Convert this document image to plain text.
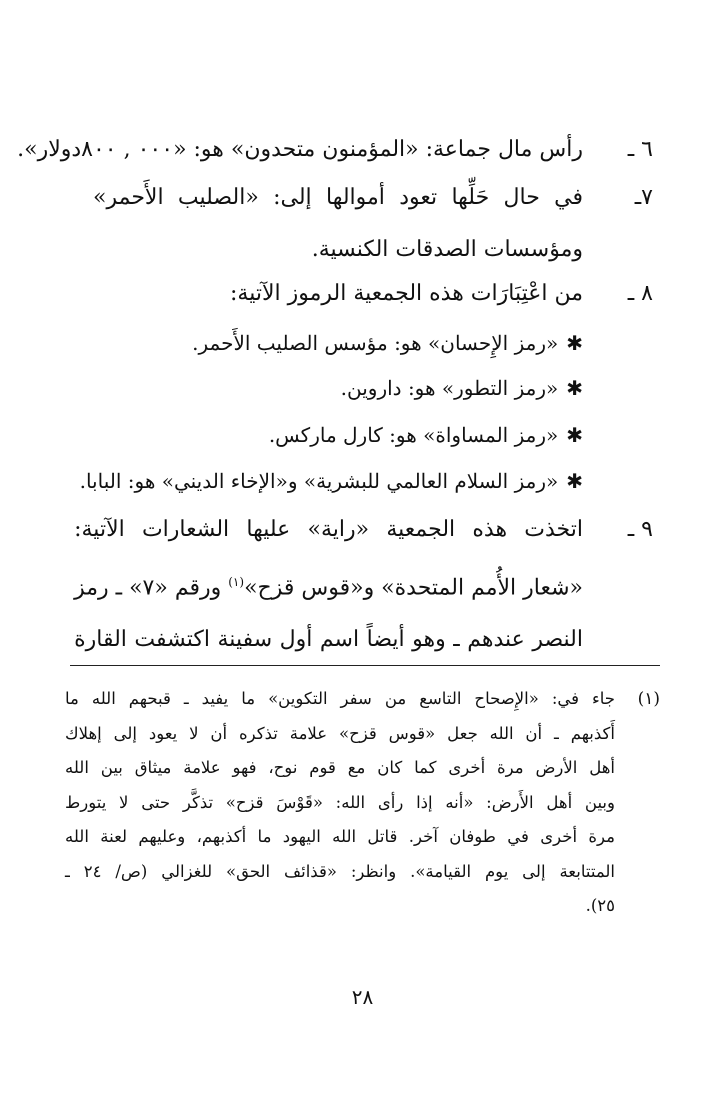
٦ ـ
رأس مال جماعة: «المؤمنون متحدون» هو: «٠٠٠ , ٨٠٠دولار».
٧ـ
في حال حَلِّها تعود أموالها إلى: «الصليب الأَحمر»
ومؤسسات الصدقات الكنسية.
٨ ـ
من اعْتِبَارَات هذه الجمعية الرموز الآتية:
✱«رمز الإِحسان» هو: مؤسس الصليب الأَحمر.
✱«رمز التطور» هو: داروين.
✱«رمز المساواة» هو: كارل ماركس.
✱«رمز السلام العالمي للبشرية» و«الإخاء الديني» هو: البابا.
٩ ـ
اتخذت هذه الجمعية «راية» عليها الشعارات الآتية:
«شعار الأُمم المتحدة» و«قوس قزح»$^{(١)}$ ورقم «٧» ـ رمز
النصر عندهم ـ وهو أيضاً اسم أول سفينة اكتشفت القارة
(١)
جاء في: «الإِصحاح التاسع من سفر التكوين» ما يفيد ـ قبحهم الله ما
أَكذبهم ـ أن الله جعل «قوس قزح» علامة تذكره أن لا يعود إلى إهلاك
أهل الأرض مرة أخرى كما كان مع قوم نوح، فهو علامة ميثاق بين الله
وبين أهل الأَرض: «أنه إذا رأى الله: «قَوْسَ قزح» تذكَّر حتى لا يتورط
مرة أخرى في طوفان آخر. قاتل الله اليهود ما أكذبهم، وعليهم لعنة الله
المتتابعة إلى يوم القيامة». وانظر: «قذائف الحق» للغزالي (ص/ ٢٤ ـ
٢٥).
٢٨
